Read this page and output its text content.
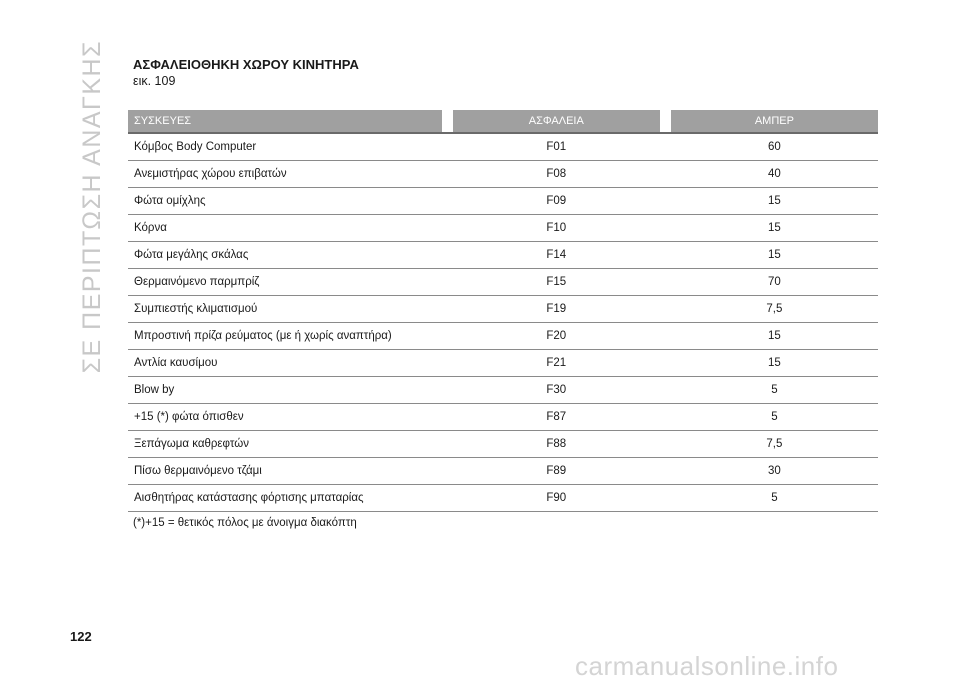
ΣΕ ΠΕΡΙΠΤΩΣΗ ΑΝΑΓΚΗΣ ΑΣΦΑΛΕΙΟΘΗΚΗ ΧΩΡΟΥ ΚΙΝΗΤΗΡΑ
εικ. 109
ΣΥΣΚΕΥΕΣ		ΑΣΦΑΛΕΙΑ		ΑΜΠΕΡ
Κόμβος Body Computer		F01		60
Ανεμιστήρας χώρου επιβατών		F08		40
Φώτα ομίχλης		F09		15
Κόρνα		F10		15
Φώτα μεγάλης σκάλας		F14		15
Θερμαινόμενο παρμπρίζ		F15		70
Συμπιεστής κλιματισμού		F19		7,5
Μπροστινή πρίζα ρεύματος (με ή χωρίς αναπτήρα)		F20		15
Αντλία καυσίμου		F21		15
Blow by		F30		5
+15 (*) φώτα όπισθεν		F87		5
Ξεπάγωμα καθρεφτών		F88		7,5
Πίσω θερμαινόμενο τζάμι		F89		30
Αισθητήρας κατάστασης φόρτισης μπαταρίας		F90		5
(*)+15 = θετικός πόλος με άνοιγμα διακόπτη
122
carmanualsonline.info
